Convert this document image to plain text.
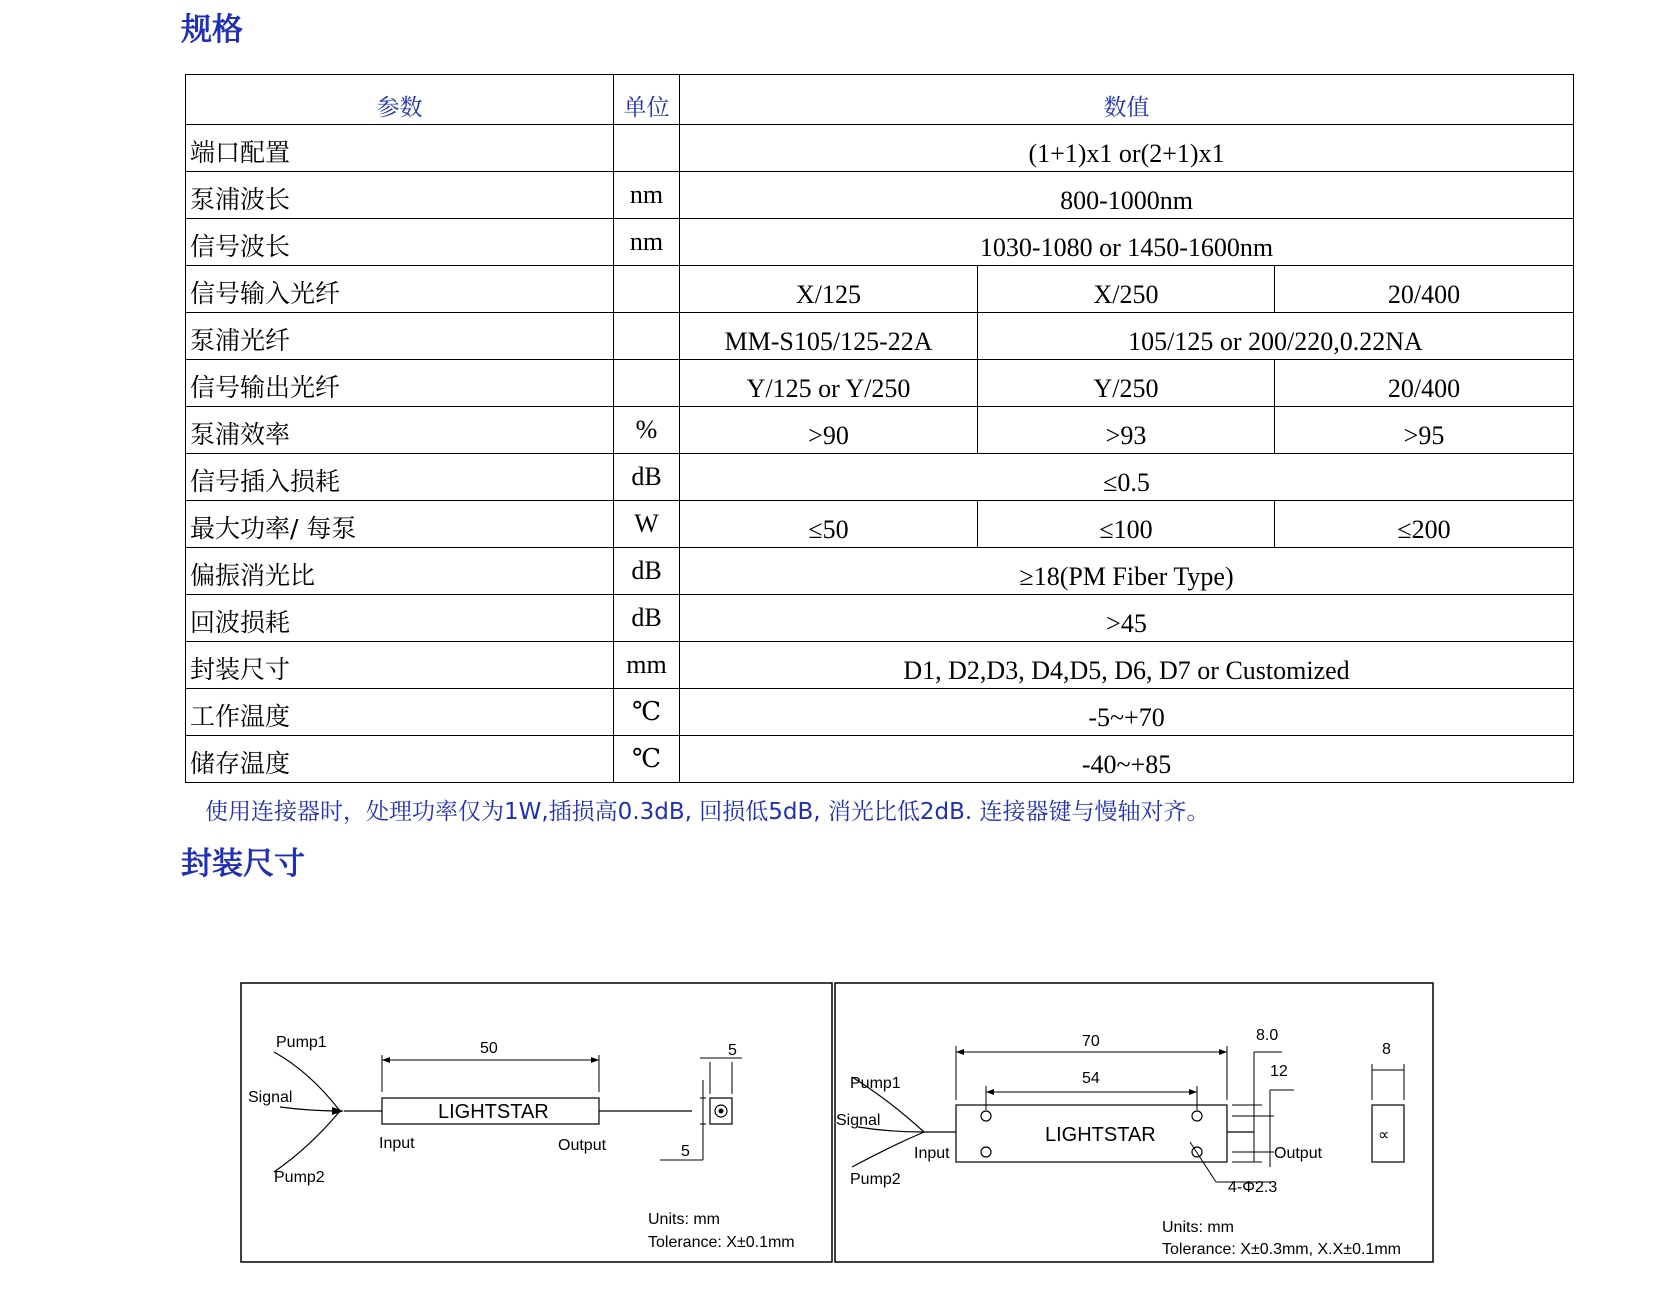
规格
参数	单位	数值		
端口配置		(1+1)x1 or(2+1)x1		
泵浦波长	nm	800-1000nm		
信号波长	nm	1030-1080 or 1450-1600nm		
信号输入光纤		X/125	X/250	20/400
泵浦光纤		MM-S105/125-22A	105/125 or 200/220,0.22NA	
信号输出光纤		Y/125 or Y/250	Y/250	20/400
泵浦效率	%	>90	>93	>95
信号插入损耗	dB	≤0.5		
最大功率/ 每泵	W	≤50	≤100	≤200
偏振消光比	dB	≥18(PM Fiber Type)		
回波损耗	dB	>45		
封装尺寸	mm	D1, D2,D3, D4,D5, D6, D7 or Customized		
工作温度	℃	-5~+70		
储存温度	℃	-40~+85		
使用连接器时，处理功率仅为1W,插损高0.3dB, 回损低5dB, 消光比低2dB. 连接器键与慢轴对齐。
封装尺寸
Pump1
Signal
Pump2
50
LIGHTSTAR
Input	Output
5
5
Units: mm
Tolerance: X±0.1mm
Pump1
Signal
Pump2
Input
70
54
LIGHTSTAR
8.0
12
Output
4-Φ2.3
8
∝
Units: mm
Tolerance: X±0.3mm, X.X±0.1mm
